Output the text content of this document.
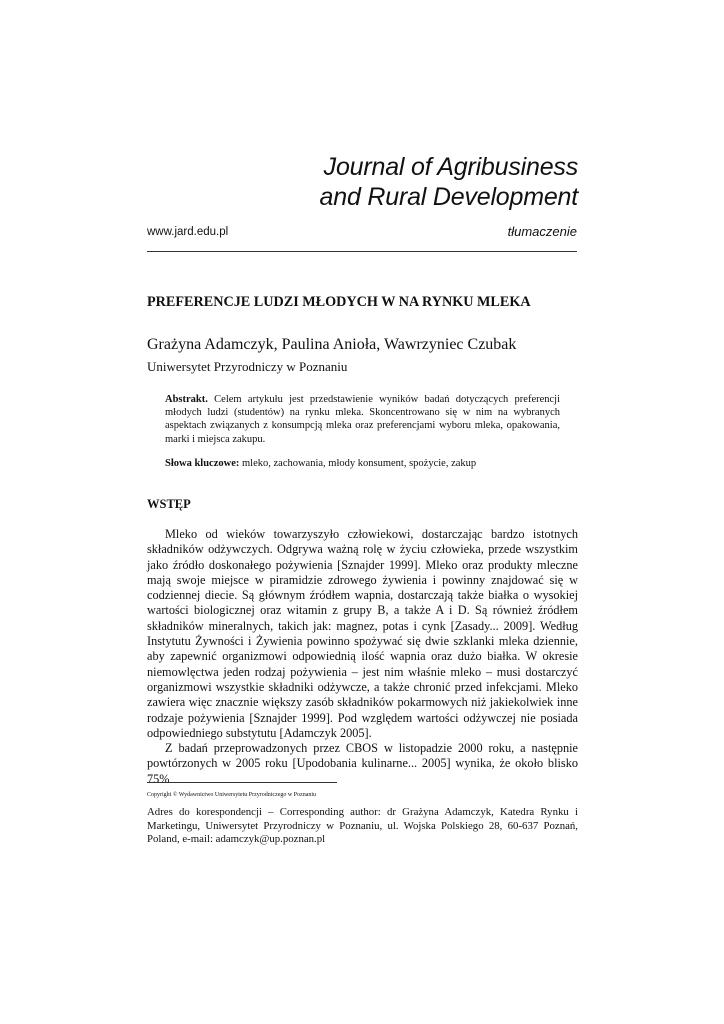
Journal of Agribusiness
and Rural Development
www.jard.edu.pl	tłumaczenie
PREFERENCJE LUDZI MŁODYCH W NA RYNKU MLEKA
Grażyna Adamczyk, Paulina Anioła, Wawrzyniec Czubak
Uniwersytet Przyrodniczy w Poznaniu
Abstrakt. Celem artykułu jest przedstawienie wyników badań dotyczących preferencji młodych ludzi (studentów) na rynku mleka. Skoncentrowano się w nim na wybranych aspektach związanych z konsumpcją mleka oraz preferencjami wyboru mleka, opakowania, marki i miejsca zakupu.
Słowa kluczowe: mleko, zachowania, młody konsument, spożycie, zakup
WSTĘP

Mleko od wieków towarzyszyło człowiekowi, dostarczając bardzo istotnych składników odżywczych. Odgrywa ważną rolę w życiu człowieka, przede wszystkim jako źródło doskonałego pożywienia [Sznajder 1999]. Mleko oraz produkty mleczne mają swoje miejsce w piramidzie zdrowego żywienia i powinny znajdować się w codziennej diecie. Są głównym źródłem wapnia, dostarczają także białka o wysokiej wartości biologicznej oraz witamin z grupy B, a także A i D. Są również źródłem składników mineralnych, takich jak: magnez, potas i cynk [Zasady... 2009]. Według Instytutu Żywności i Żywienia powinno spożywać się dwie szklanki mleka dziennie, aby zapewnić organizmowi odpowiednią ilość wapnia oraz dużo białka. W okresie niemowlęctwa jeden rodzaj pożywienia – jest nim właśnie mleko – musi dostarczyć organizmowi wszystkie składniki odżywcze, a także chronić przed infekcjami. Mleko zawiera więc znacznie większy zasób składników pokarmowych niż jakiekolwiek inne rodzaje pożywienia [Sznajder 1999]. Pod względem wartości odżywczej nie posiada odpowiedniego substytutu [Adamczyk 2005].

Z badań przeprowadzonych przez CBOS w listopadzie 2000 roku, a następnie powtórzonych w 2005 roku [Upodobania kulinarne... 2005] wynika, że około blisko 75%

Copyright © Wydawnictwo Uniwersytetu Przyrodniczego w Poznaniu
Adres do korespondencji – Corresponding author: dr Grażyna Adamczyk, Katedra Rynku i Marketingu, Uniwersytet Przyrodniczy w Poznaniu, ul. Wojska Polskiego 28, 60-637 Poznań, Poland, e-mail: adamczyk@up.poznan.pl
